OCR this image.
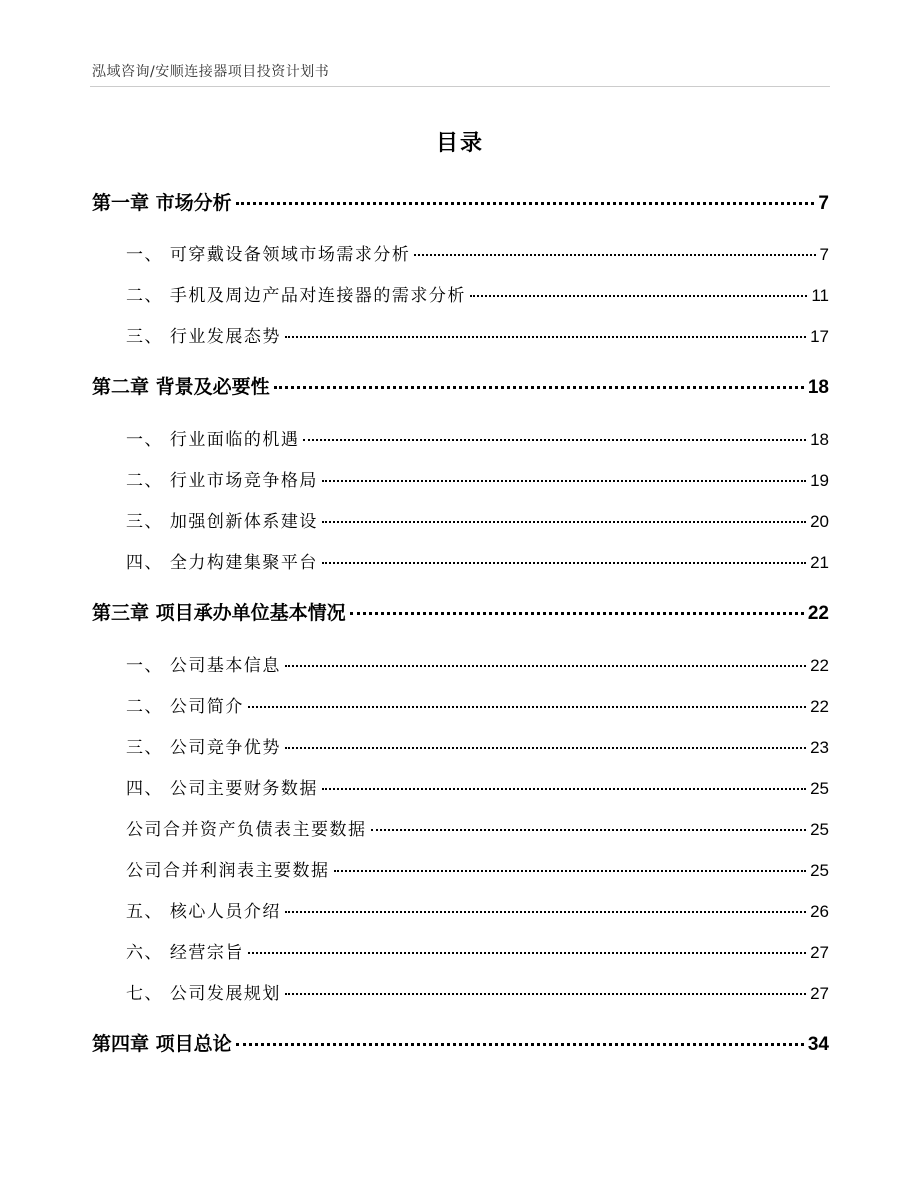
泓域咨询/安顺连接器项目投资计划书
目录
第一章 市场分析	7
一、 可穿戴设备领域市场需求分析	7
二、 手机及周边产品对连接器的需求分析	11
三、 行业发展态势	17
第二章 背景及必要性	18
一、 行业面临的机遇	18
二、 行业市场竞争格局	19
三、 加强创新体系建设	20
四、 全力构建集聚平台	21
第三章 项目承办单位基本情况	22
一、 公司基本信息	22
二、 公司简介	22
三、 公司竞争优势	23
四、 公司主要财务数据	25
公司合并资产负债表主要数据	25
公司合并利润表主要数据	25
五、 核心人员介绍	26
六、 经营宗旨	27
七、 公司发展规划	27
第四章 项目总论	34
